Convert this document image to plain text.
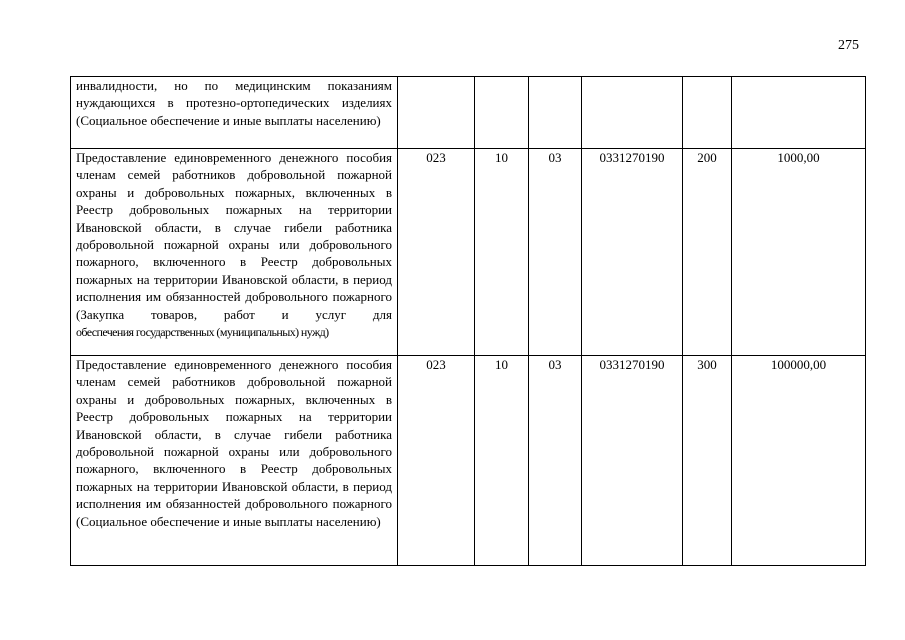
275
инвалидности, но по медицинским показаниям нуждающихся в протезно-ортопедических изделиях (Социальное обеспечение и иные выплаты населению)						
Предоставление единовременного денежного пособия членам семей работников добровольной пожарной охраны и добровольных пожарных, включенных в Реестр добровольных пожарных на территории Ивановской области, в случае гибели работника добровольной пожарной охраны или добровольного пожарного, включенного в Реестр добровольных пожарных на территории Ивановской области, в период исполнения им обязанностей добровольного пожарного (Закупка товаров, работ и услуг для обеспечения государственных (муниципальных) нужд)	023	10	03	0331270190	200	1000,00
Предоставление единовременного денежного пособия членам семей работников добровольной пожарной охраны и добровольных пожарных, включенных в Реестр добровольных пожарных на территории Ивановской области, в случае гибели работника добровольной пожарной охраны или добровольного пожарного, включенного в Реестр добровольных пожарных на территории Ивановской области, в период исполнения им обязанностей добровольного пожарного (Социальное обеспечение и иные выплаты населению)	023	10	03	0331270190	300	100000,00
